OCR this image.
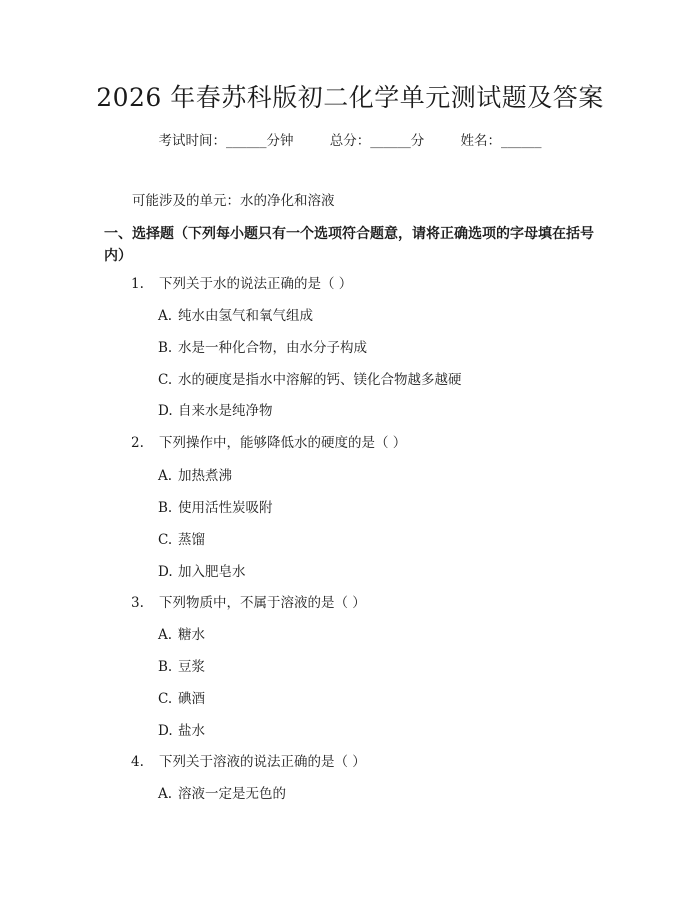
2026 年春苏科版初二化学单元测试题及答案
考试时间：______分钟	总分：______分	姓名：______
可能涉及的单元：水的净化和溶液
一、选择题（下列每小题只有一个选项符合题意，请将正确选项的字母填在括号内）
1. 下列关于水的说法正确的是（ ）
A. 纯水由氢气和氧气组成
B. 水是一种化合物，由水分子构成
C. 水的硬度是指水中溶解的钙、镁化合物越多越硬
D. 自来水是纯净物
2. 下列操作中，能够降低水的硬度的是（ ）
A. 加热煮沸
B. 使用活性炭吸附
C. 蒸馏
D. 加入肥皂水
3. 下列物质中，不属于溶液的是（ ）
A. 糖水
B. 豆浆
C. 碘酒
D. 盐水
4. 下列关于溶液的说法正确的是（ ）
A. 溶液一定是无色的
